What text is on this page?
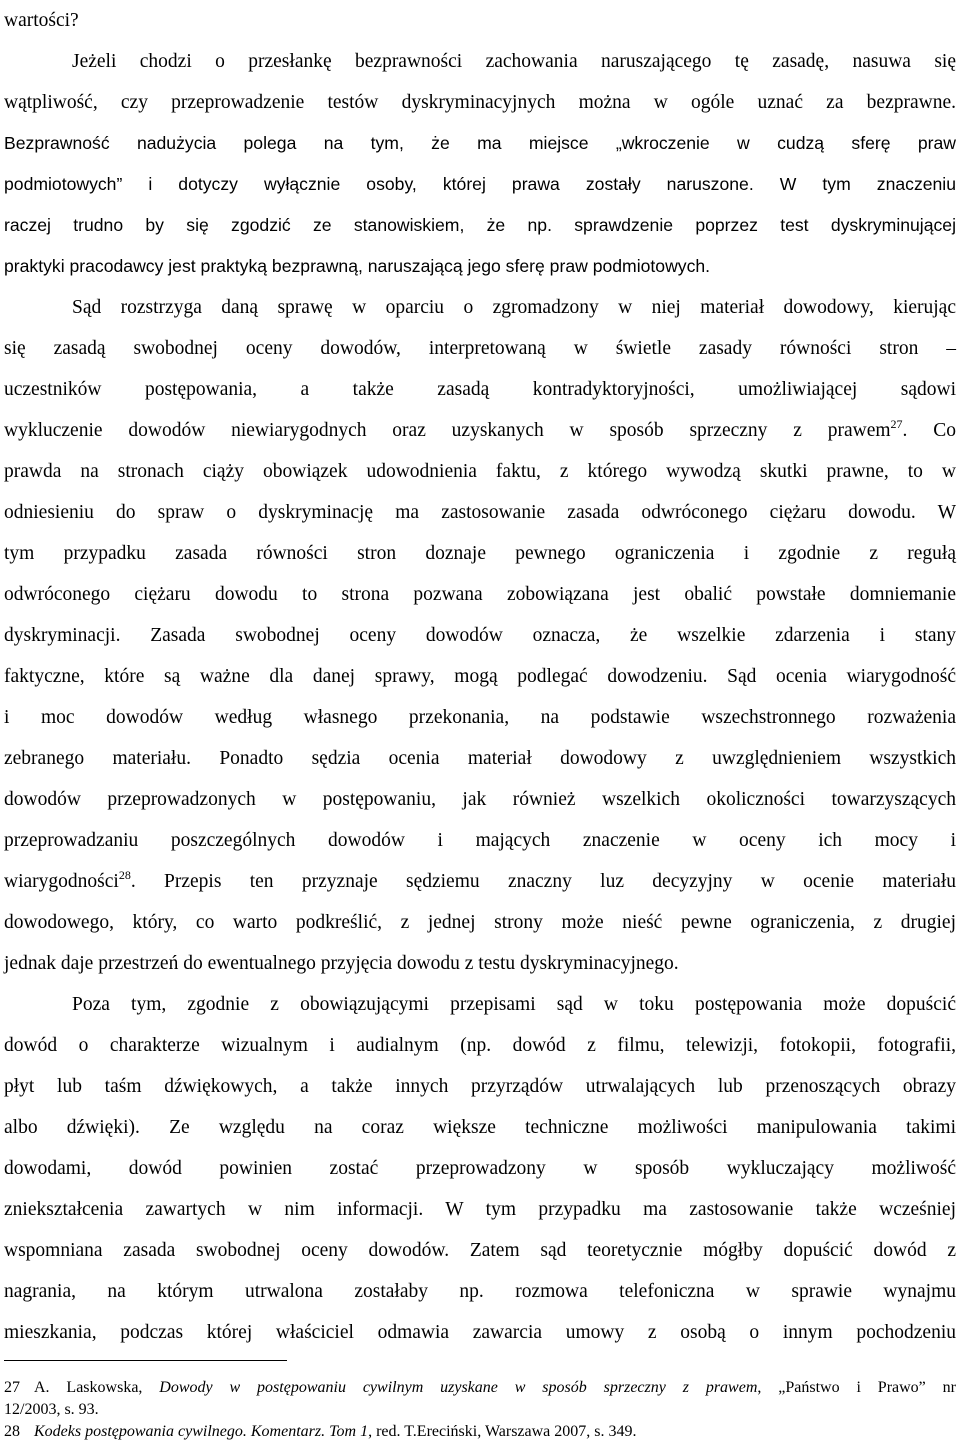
wartości?
Jeżeli chodzi o przesłankę bezprawności zachowania naruszającego tę zasadę, nasuwa się
wątpliwość, czy przeprowadzenie testów dyskryminacyjnych można w ogóle uznać za bezprawne.
Bezprawność nadużycia polega na tym, że ma miejsce „wkroczenie w cudzą sferę praw
podmiotowych” i dotyczy wyłącznie osoby, której prawa zostały naruszone. W tym znaczeniu
raczej trudno by się zgodzić ze stanowiskiem, że np. sprawdzenie poprzez test dyskryminującej
praktyki pracodawcy jest praktyką bezprawną, naruszającą jego sferę praw podmiotowych.
Sąd rozstrzyga daną sprawę w oparciu o zgromadzony w niej materiał dowodowy, kierując
się zasadą swobodnej oceny dowodów, interpretowaną w świetle zasady równości stron –
uczestników postępowania, a także zasadą kontradyktoryjności, umożliwiającej sądowi
wykluczenie dowodów niewiarygodnych oraz uzyskanych w sposób sprzeczny z prawem$^{27}$. Co
prawda na stronach ciąży obowiązek udowodnienia faktu, z którego wywodzą skutki prawne, to w
odniesieniu do spraw o dyskryminację ma zastosowanie zasada odwróconego ciężaru dowodu. W
tym przypadku zasada równości stron doznaje pewnego ograniczenia i zgodnie z regułą
odwróconego ciężaru dowodu to strona pozwana zobowiązana jest obalić powstałe domniemanie
dyskryminacji. Zasada swobodnej oceny dowodów oznacza, że wszelkie zdarzenia i stany
faktyczne, które są ważne dla danej sprawy, mogą podlegać dowodzeniu. Sąd ocenia wiarygodność
i moc dowodów według własnego przekonania, na podstawie wszechstronnego rozważenia
zebranego materiału. Ponadto sędzia ocenia materiał dowodowy z uwzględnieniem wszystkich
dowodów przeprowadzonych w postępowaniu, jak również wszelkich okoliczności towarzyszących
przeprowadzaniu poszczególnych dowodów i mających znaczenie w oceny ich mocy i
wiarygodności$^{28}$. Przepis ten przyznaje sędziemu znaczny luz decyzyjny w ocenie materiału
dowodowego, który, co warto podkreślić, z jednej strony może nieść pewne ograniczenia, z drugiej
jednak daje przestrzeń do ewentualnego przyjęcia dowodu z testu dyskryminacyjnego.
Poza tym, zgodnie z obowiązującymi przepisami sąd w toku postępowania może dopuścić
dowód o charakterze wizualnym i audialnym (np. dowód z filmu, telewizji, fotokopii, fotografii,
płyt lub taśm dźwiękowych, a także innych przyrządów utrwalających lub przenoszących obrazy
albo dźwięki). Ze względu na coraz większe techniczne możliwości manipulowania takimi
dowodami, dowód powinien zostać przeprowadzony w sposób wykluczający możliwość
zniekształcenia zawartych w nim informacji. W tym przypadku ma zastosowanie także wcześniej
wspomniana zasada swobodnej oceny dowodów. Zatem sąd teoretycznie mógłby dopuścić dowód z
nagrania, na którym utrwalona zostałaby np. rozmowa telefoniczna w sprawie wynajmu
mieszkania, podczas której właściciel odmawia zawarcia umowy z osobą o innym pochodzeniu
27 A. Laskowska, Dowody w postępowaniu cywilnym uzyskane w sposób sprzeczny z prawem, „Państwo i Prawo” nr
12/2003, s. 93.
28 Kodeks postępowania cywilnego. Komentarz. Tom 1, red. T.Ereciński, Warszawa 2007, s. 349.
